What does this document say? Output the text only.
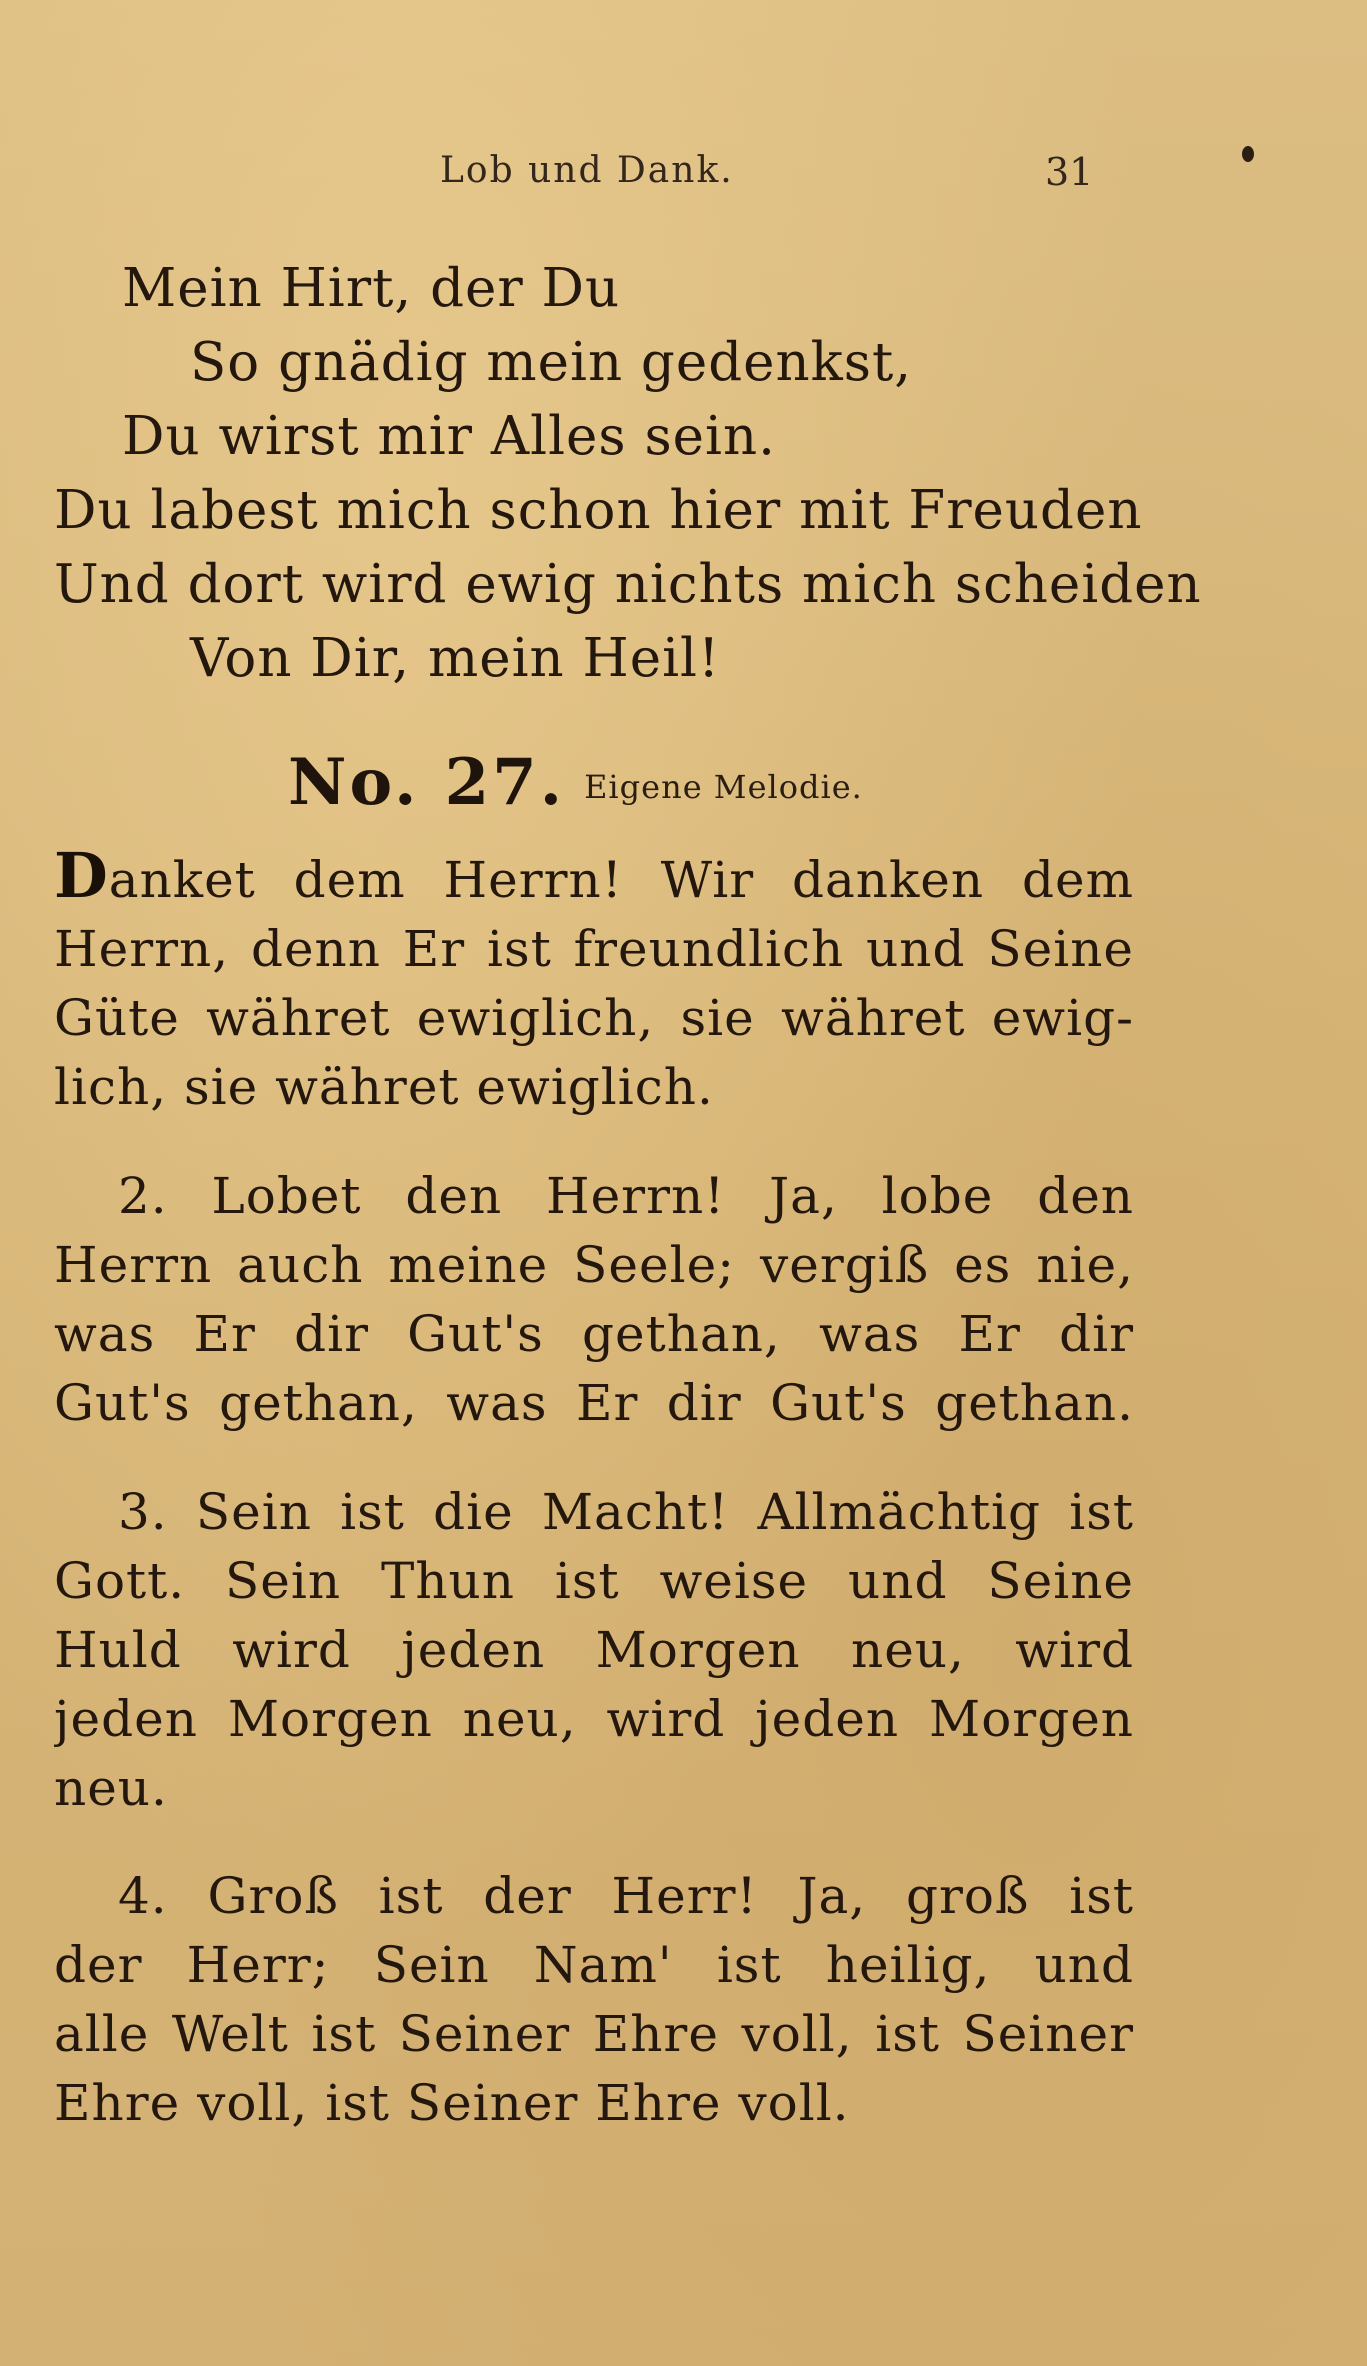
Lob und Dank.	31
Mein Hirt, der Du
So gnädig mein gedenkst,
Du wirst mir Alles sein.
Du labest mich schon hier mit Freuden
Und dort wird ewig nichts mich scheiden
Von Dir, mein Heil!
No. 27. Eigene Melodie.
Danket dem Herrn! Wir danken dem
Herrn, denn Er ist freundlich und Seine
Güte währet ewiglich, sie währet ewig-
lich, sie währet ewiglich.
2. Lobet den Herrn! Ja, lobe den
Herrn auch meine Seele; vergiß es nie,
was Er dir Gut's gethan, was Er dir
Gut's gethan, was Er dir Gut's gethan.
3. Sein ist die Macht! Allmächtig ist
Gott. Sein Thun ist weise und Seine
Huld wird jeden Morgen neu, wird
jeden Morgen neu, wird jeden Morgen
neu.
4. Groß ist der Herr! Ja, groß ist
der Herr; Sein Nam' ist heilig, und
alle Welt ist Seiner Ehre voll, ist Seiner
Ehre voll, ist Seiner Ehre voll.
